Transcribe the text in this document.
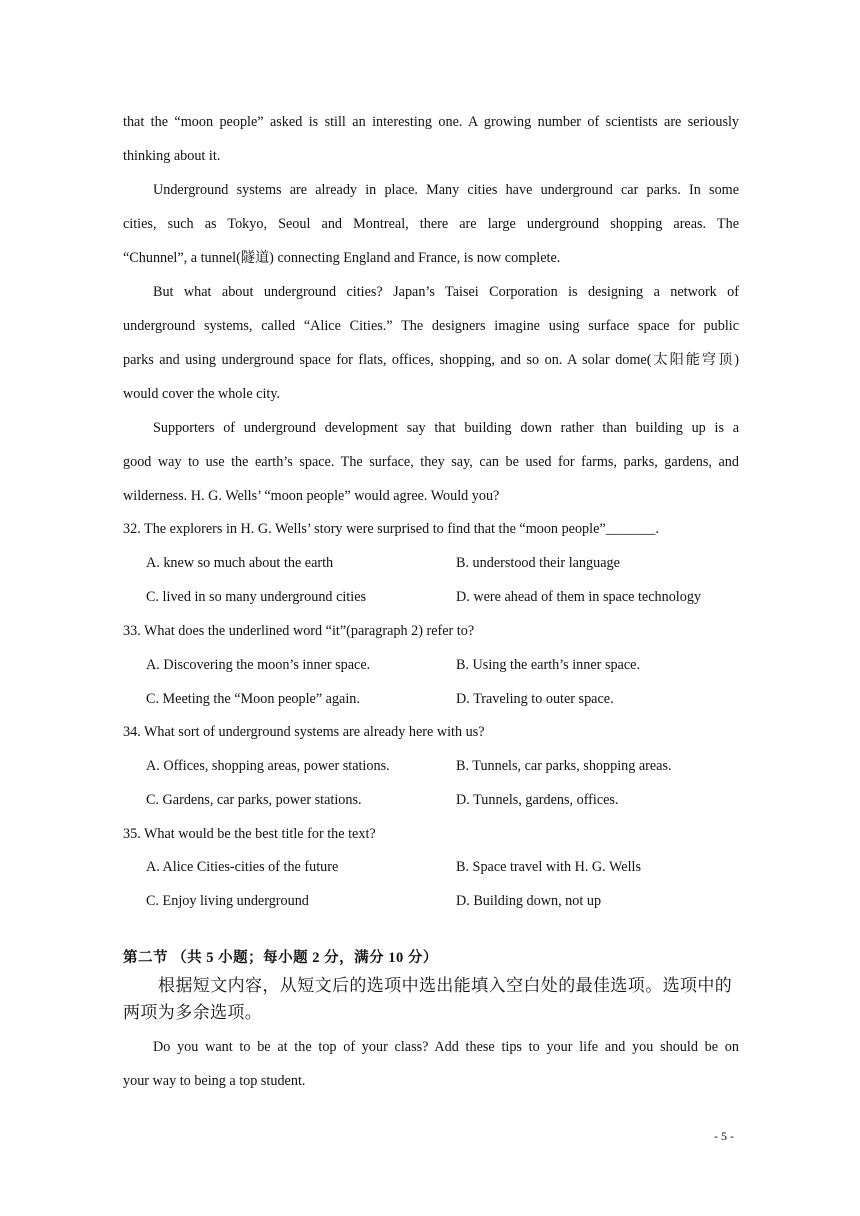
that the “moon people” asked is still an interesting one. A growing number of scientists are seriously
thinking about it.
Underground systems are already in place. Many cities have underground car parks. In some
cities, such as Tokyo, Seoul and Montreal, there are large underground shopping areas. The
“Chunnel”, a tunnel(隧道) connecting England and France, is now complete.
But what about underground cities? Japan’s Taisei Corporation is designing a network of
underground systems, called “Alice Cities.” The designers imagine using surface space for public
parks and using underground space for flats, offices, shopping, and so on. A solar dome(太阳能穹顶)
would cover the whole city.
Supporters of underground development say that building down rather than building up is a
good way to use the earth’s space. The surface, they say, can be used for farms, parks, gardens, and
wilderness. H. G. Wells’ “moon people” would agree. Would you?
32. The explorers in H. G. Wells’ story were surprised to find that the “moon people”_______.
A. knew so much about the earth	B. understood their language
C. lived in so many underground cities	D. were ahead of them in space technology
33. What does the underlined word “it”(paragraph 2) refer to?
A. Discovering the moon’s inner space.	B. Using the earth’s inner space.
C. Meeting the “Moon people” again.	D. Traveling to outer space.
34. What sort of underground systems are already here with us?
A. Offices, shopping areas, power stations.	B. Tunnels, car parks, shopping areas.
C. Gardens, car parks, power stations.	D. Tunnels, gardens, offices.
35. What would be the best title for the text?
A. Alice Cities-cities of the future	B. Space travel with H. G. Wells
C. Enjoy living underground	D. Building down, not up
第二节 （共 5 小题；每小题 2 分，满分 10 分）
根据短文内容，从短文后的选项中选出能填入空白处的最佳选项。选项中的
两项为多余选项。
Do you want to be at the top of your class? Add these tips to your life and you should be on
your way to being a top student.
- 5 -
